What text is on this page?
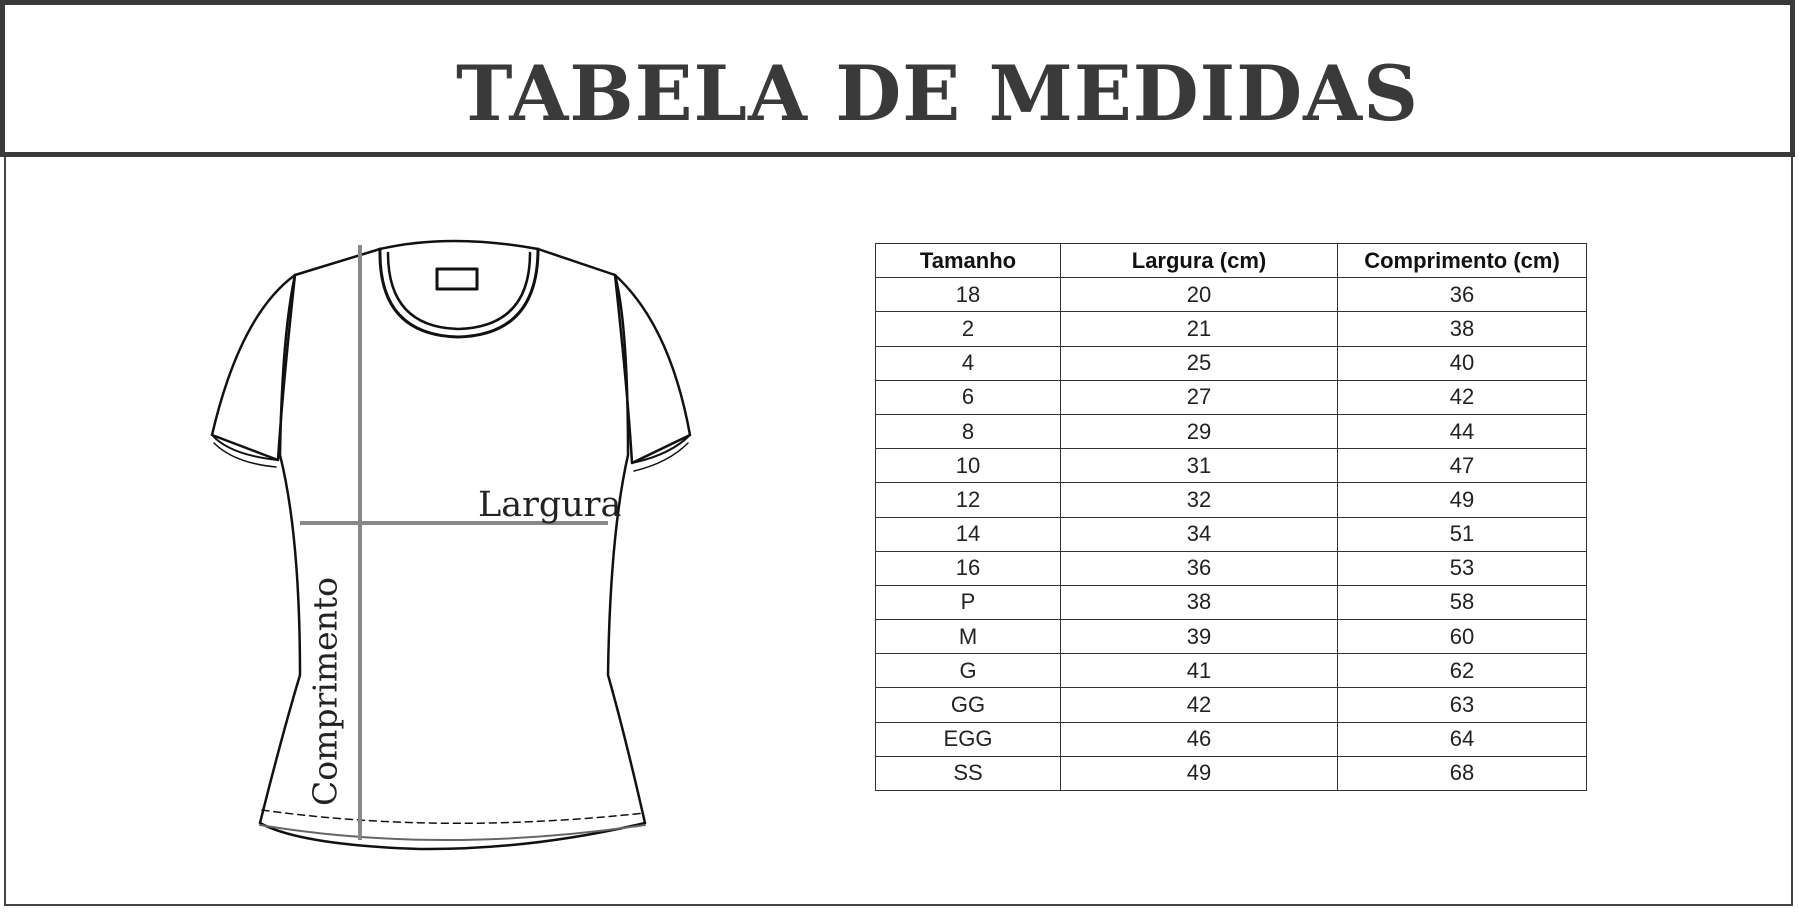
TABELA DE MEDIDAS
Largura
Comprimento
Tamanho	Largura (cm)	Comprimento (cm)
18	20	36
2	21	38
4	25	40
6	27	42
8	29	44
10	31	47
12	32	49
14	34	51
16	36	53
P	38	58
M	39	60
G	41	62
GG	42	63
EGG	46	64
SS	49	68
